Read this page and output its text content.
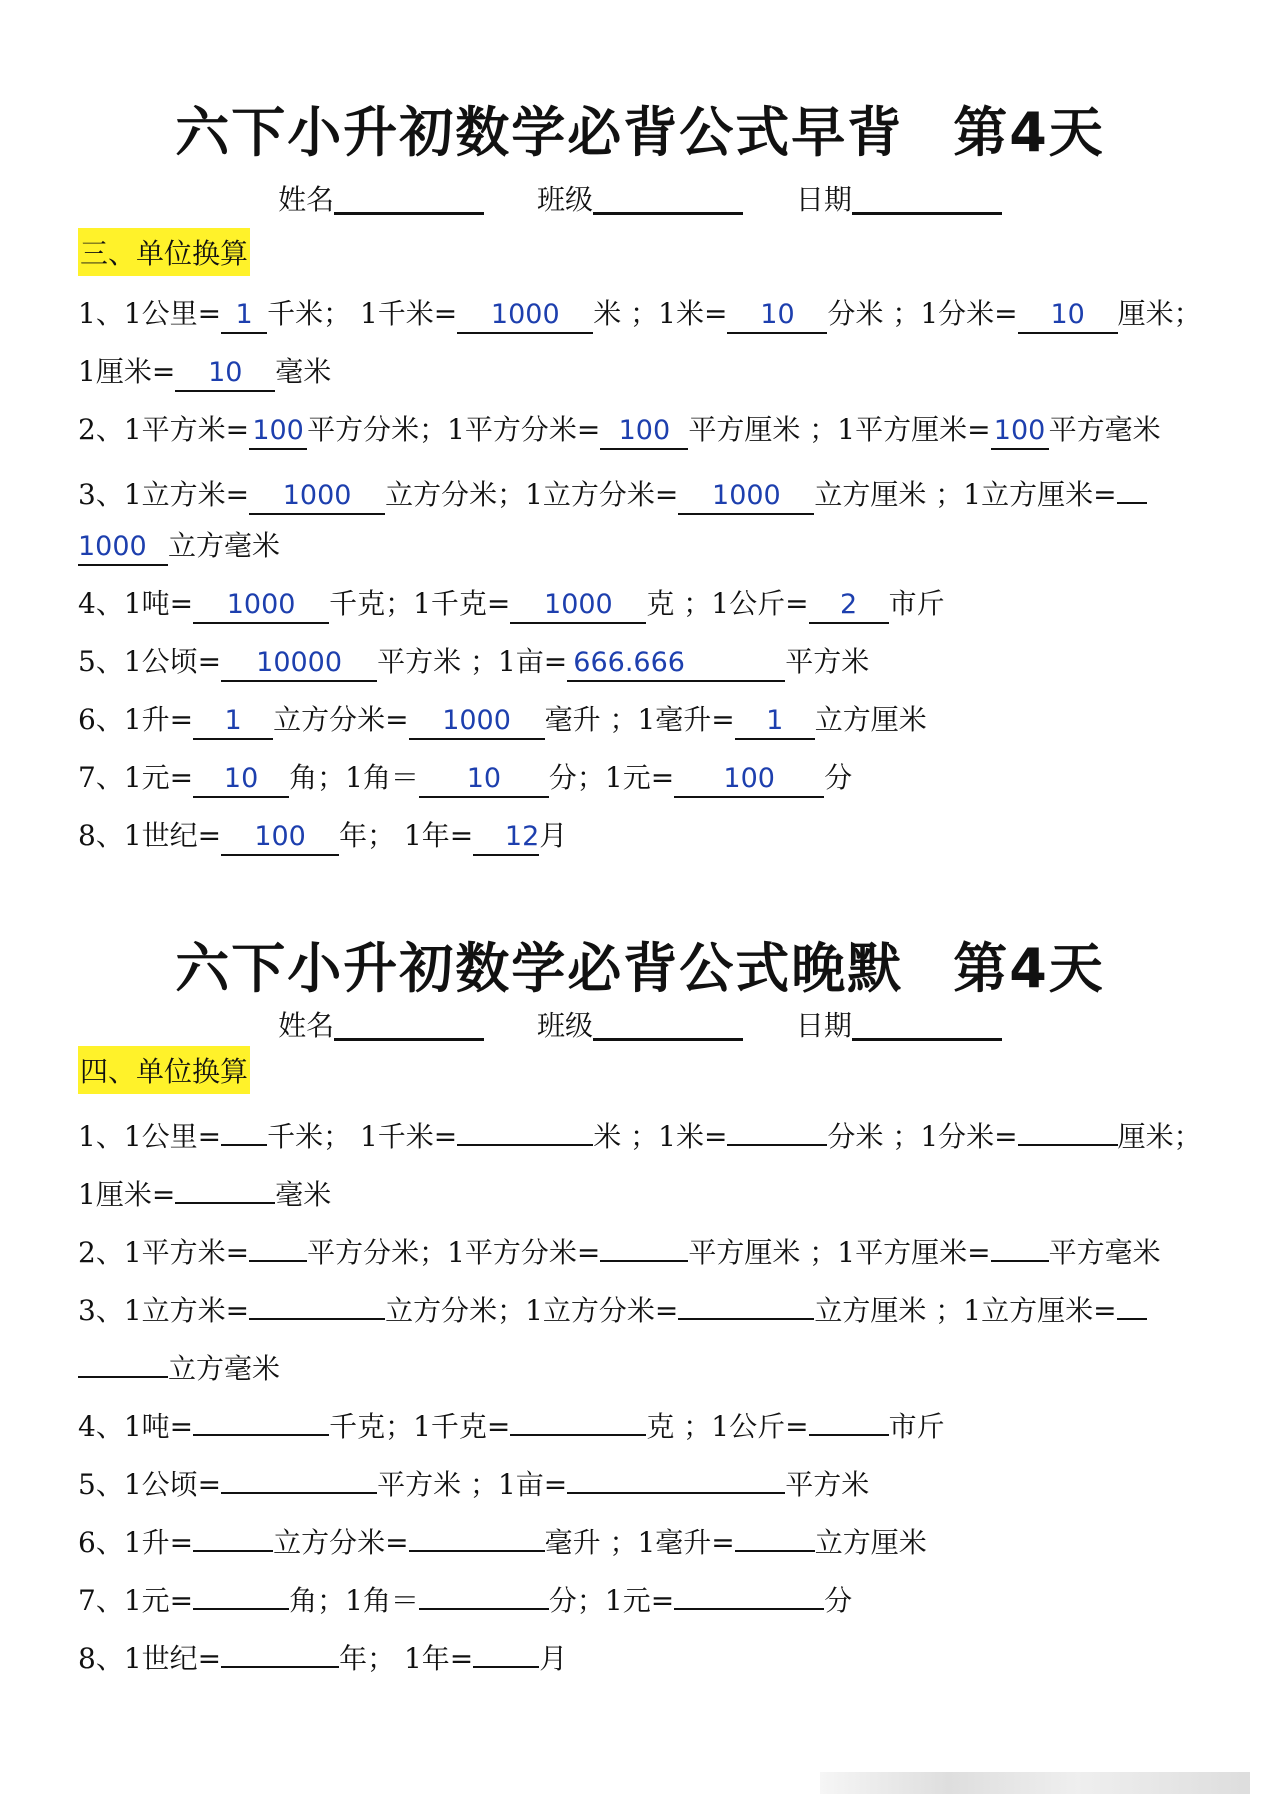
六下小升初数学必背公式早背 第4天
姓名	班级	日期
三、单位换算
1、1公里= 1 千米； 1千米= 1000 米 ；1米= 10 分米 ；1分米= 10 厘米；
1厘米= 10 毫米
2、1平方米= 100 平方分米；1平方分米= 100 平方厘米 ；1平方厘米= 100 平方毫米
3、1立方米= 1000 立方分米；1立方分米= 1000 立方厘米 ；1立方厘米=
1000 立方毫米
4、1吨= 1000 千克；1千克= 1000 克 ；1公斤= 2 市斤
5、1公顷= 10000 平方米 ；1亩= 666.666	平方米
6、1升= 1 立方分米= 1000 毫升 ；1毫升= 1 立方厘米
7、1元= 10 角；1角＝ 10 分；1元= 100 分
8、1世纪= 100 年； 1年= 12月
六下小升初数学必背公式晚默 第4天
姓名	班级	日期
四、单位换算
1、1公里= 千米； 1千米=	米 ；1米=	分米 ；1分米=	厘米；
1厘米=	毫米
2、1平方米= 平方分米；1平方分米=	平方厘米 ；1平方厘米= 平方毫米
3、1立方米=	立方分米；1立方分米=	立方厘米 ；1立方厘米=
立方毫米
4、1吨=	千克；1千克=	克 ；1公斤=	市斤
5、1公顷=	平方米 ；1亩=	平方米
6、1升=	立方分米=	毫升 ；1毫升=	立方厘米
7、1元=	角；1角＝	分；1元=	分
8、1世纪=	年； 1年= 月
